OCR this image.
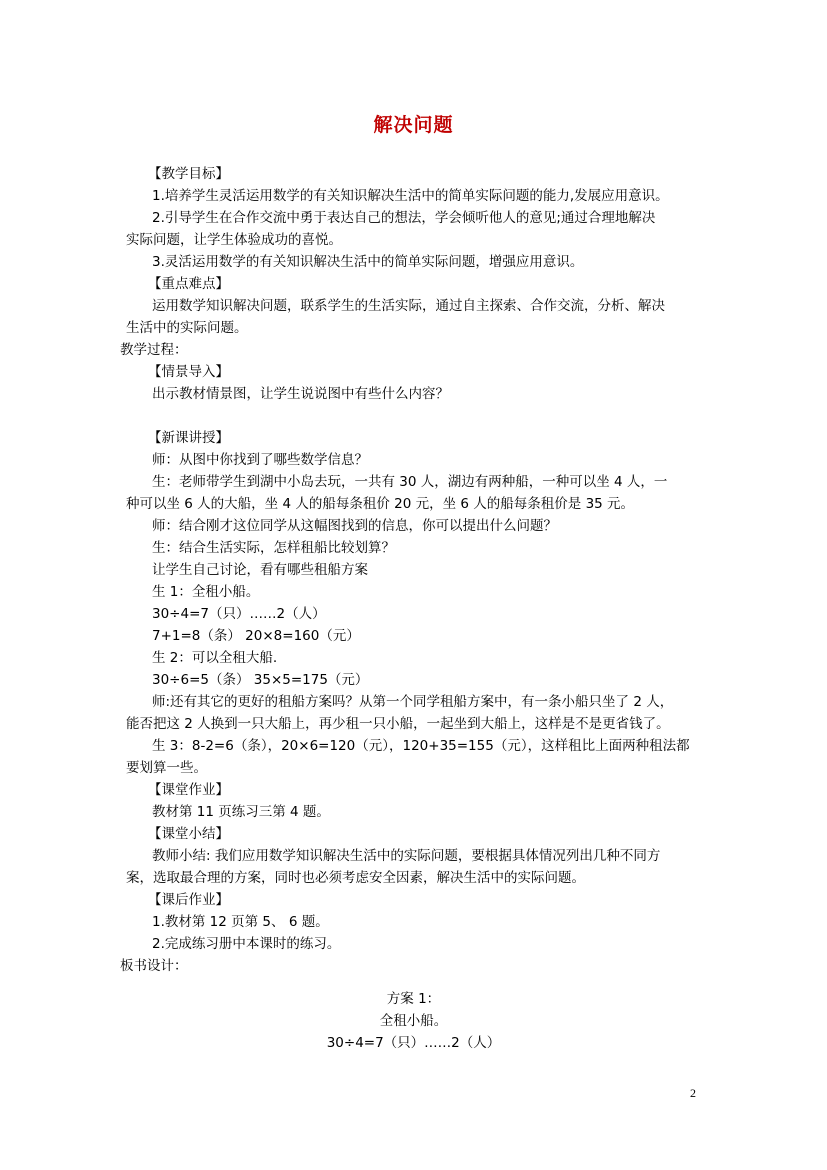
解决问题

【教学目标】

1.培养学生灵活运用数学的有关知识解决生活中的简单实际问题的能力,发展应用意识。

2.引导学生在合作交流中勇于表达自己的想法，学会倾听他人的意见;通过合理地解决

实际问题，让学生体验成功的喜悦。

3.灵活运用数学的有关知识解决生活中的简单实际问题，增强应用意识。

【重点难点】

运用数学知识解决问题，联系学生的生活实际，通过自主探索、合作交流，分析、解决

生活中的实际问题。

教学过程：

【情景导入】

出示教材情景图，让学生说说图中有些什么内容？

【新课讲授】

师：从图中你找到了哪些数学信息？

生：老师带学生到湖中小岛去玩，一共有 30 人，湖边有两种船，一种可以坐 4 人，一

种可以坐 6 人的大船，坐 4 人的船每条租价 20 元，坐 6 人的船每条租价是 35 元。

师：结合刚才这位同学从这幅图找到的信息，你可以提出什么问题？

生：结合生活实际，怎样租船比较划算？

让学生自己讨论，看有哪些租船方案

生 1：全租小船。

30÷4=7（只）……2（人）

7+1=8（条） 20×8=160（元）

生 2：可以全租大船.

30÷6=5（条） 35×5=175（元）

师:还有其它的更好的租船方案吗？从第一个同学租船方案中，有一条小船只坐了 2 人，

能否把这 2 人换到一只大船上，再少租一只小船，一起坐到大船上，这样是不是更省钱了。

生 3：8-2=6（条），20×6=120（元），120+35=155（元），这样租比上面两种租法都

要划算一些。

【课堂作业】

教材第 11 页练习三第 4 题。

【课堂小结】

教师小结: 我们应用数学知识解决生活中的实际问题，要根据具体情况列出几种不同方

案，选取最合理的方案，同时也必须考虑安全因素，解决生活中的实际问题。

【课后作业】

1.教材第 12 页第 5、 6 题。

2.完成练习册中本课时的练习。

板书设计：

方案 1：

全租小船。

30÷4=7（只）……2（人）

2
